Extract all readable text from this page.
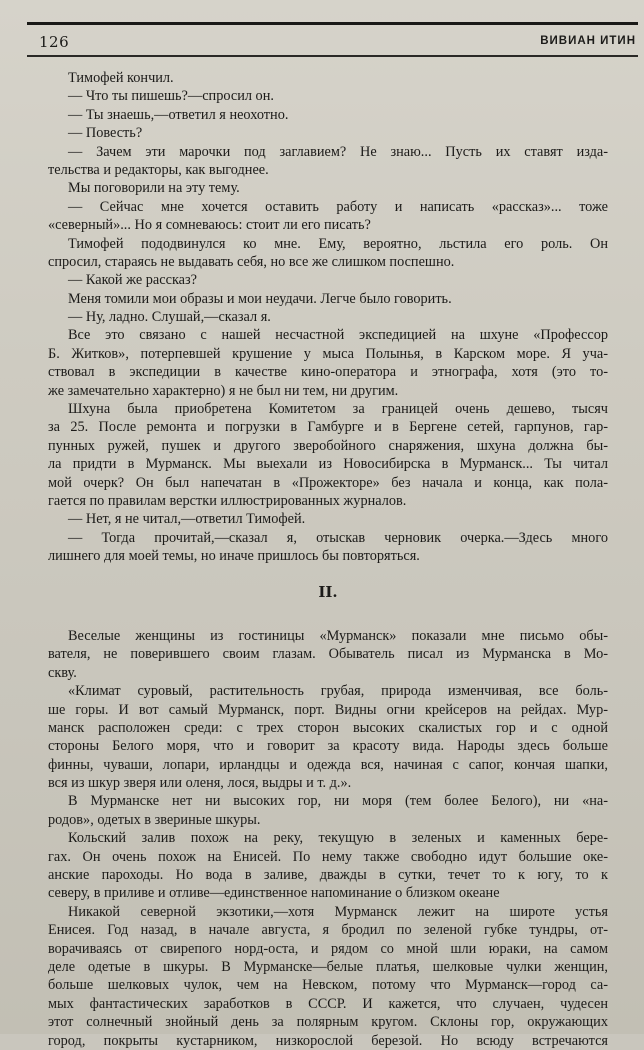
126	ВИВИАН ИТИН
Тимофей кончил.
— Что ты пишешь?—спросил он.
— Ты знаешь,—ответил я неохотно.
— Повесть?
— Зачем эти марочки под заглавием? Не знаю... Пусть их ставят изда-
тельства и редакторы, как выгоднее.
Мы поговорили на эту тему.
— Сейчас мне хочется оставить работу и написать «рассказ»... тоже
«северный»... Но я сомневаюсь: стоит ли его писать?
Тимофей пододвинулся ко мне. Ему, вероятно, льстила его роль. Он
спросил, стараясь не выдавать себя, но все же слишком поспешно.
— Какой же рассказ?
Меня томили мои образы и мои неудачи. Легче было говорить.
— Ну, ладно. Слушай,—сказал я.
Все это связано с нашей несчастной экспедицией на шхуне «Профессор
Б. Житков», потерпевшей крушение у мыса Полынья, в Карском море. Я уча-
ствовал в экспедиции в качестве кино-оператора и этнографа, хотя (это то-
же замечательно характерно) я не был ни тем, ни другим.
Шхуна была приобретена Комитетом за границей очень дешево, тысяч
за 25. После ремонта и погрузки в Гамбурге и в Бергене сетей, гарпунов, гар-
пунных ружей, пушек и другого зверобойного снаряжения, шхуна должна бы-
ла придти в Мурманск. Мы выехали из Новосибирска в Мурманск... Ты читал
мой очерк? Он был напечатан в «Прожекторе» без начала и конца, как пола-
гается по правилам верстки иллюстрированных журналов.
— Нет, я не читал,—ответил Тимофей.
— Тогда прочитай,—сказал я, отыскав черновик очерка.—Здесь много
лишнего для моей темы, но иначе пришлось бы повторяться.
II.
Веселые женщины из гостиницы «Мурманск» показали мне письмо обы-
вателя, не поверившего своим глазам. Обыватель писал из Мурманска в Мо-
скву.
«Климат суровый, растительность грубая, природа изменчивая, все боль-
ше горы. И вот самый Мурманск, порт. Видны огни крейсеров на рейдах. Мур-
манск расположен среди: с трех сторон высоких скалистых гор и с одной
стороны Белого моря, что и говорит за красоту вида. Народы здесь больше
финны, чуваши, лопари, ирландцы и одежда вся, начиная с сапог, кончая шапки,
вся из шкур зверя или оленя, лося, выдры и т. д.».
В Мурманске нет ни высоких гор, ни моря (тем более Белого), ни «на-
родов», одетых в звериные шкуры.
Кольский залив похож на реку, текущую в зеленых и каменных бере-
гах. Он очень похож на Енисей. По нему также свободно идут большие оке-
анские пароходы. Но вода в заливе, дважды в сутки, течет то к югу, то к
северу, в приливе и отливе—единственное напоминание о близком океане
Никакой северной экзотики,—хотя Мурманск лежит на широте устья
Енисея. Год назад, в начале августа, я бродил по зеленой губке тундры, от-
ворачиваясь от свирепого норд-оста, и рядом со мной шли юраки, на самом
деле одетые в шкуры. В Мурманске—белые платья, шелковые чулки женщин,
больше шелковых чулок, чем на Невском, потому что Мурманск—город са-
мых фантастических заработков в СССР. И кажется, что случаен, чудесен
этот солнечный знойный день за полярным кругом. Склоны гор, окружающих
город, покрыты кустарником, низкорослой березой. Но всюду встречаются
